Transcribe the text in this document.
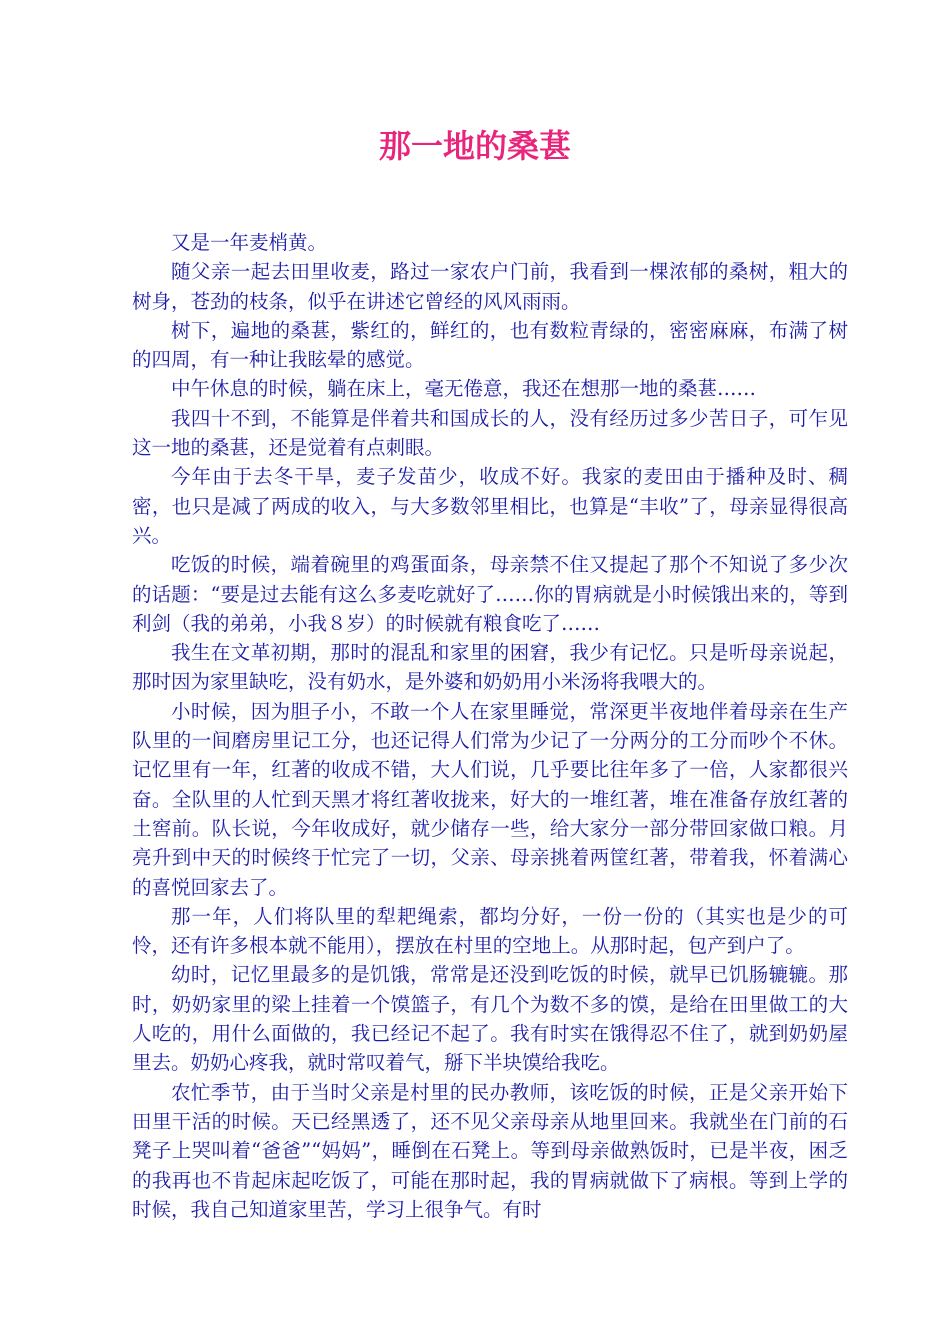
那一地的桑葚

又是一年麦梢黄。

随父亲一起去田里收麦，路过一家农户门前，我看到一棵浓郁的桑树，粗大的树身，苍劲的枝条，似乎在讲述它曾经的风风雨雨。

树下，遍地的桑葚，紫红的，鲜红的，也有数粒青绿的，密密麻麻，布满了树的四周，有一种让我眩晕的感觉。

中午休息的时候，躺在床上，毫无倦意，我还在想那一地的桑葚……

我四十不到，不能算是伴着共和国成长的人，没有经历过多少苦日子，可乍见这一地的桑葚，还是觉着有点刺眼。

今年由于去冬干旱，麦子发苗少，收成不好。我家的麦田由于播种及时、稠密，也只是减了两成的收入，与大多数邻里相比，也算是“丰收”了，母亲显得很高兴。

吃饭的时候，端着碗里的鸡蛋面条，母亲禁不住又提起了那个不知说了多少次的话题：“要是过去能有这么多麦吃就好了……你的胃病就是小时候饿出来的，等到利剑（我的弟弟，小我８岁）的时候就有粮食吃了……

我生在文革初期，那时的混乱和家里的困窘，我少有记忆。只是听母亲说起，那时因为家里缺吃，没有奶水，是外婆和奶奶用小米汤将我喂大的。

小时候，因为胆子小，不敢一个人在家里睡觉，常深更半夜地伴着母亲在生产队里的一间磨房里记工分，也还记得人们常为少记了一分两分的工分而吵个不休。记忆里有一年，红著的收成不错，大人们说，几乎要比往年多了一倍，人家都很兴奋。全队里的人忙到天黑才将红著收拢来，好大的一堆红著，堆在准备存放红著的土窖前。队长说，今年收成好，就少储存一些，给大家分一部分带回家做口粮。月亮升到中天的时候终于忙完了一切，父亲、母亲挑着两筐红著，带着我，怀着满心的喜悦回家去了。

那一年，人们将队里的犁耙绳索，都均分好，一份一份的（其实也是少的可怜，还有许多根本就不能用），摆放在村里的空地上。从那时起，包产到户了。

幼时，记忆里最多的是饥饿，常常是还没到吃饭的时候，就早已饥肠辘辘。那时，奶奶家里的梁上挂着一个馍篮子，有几个为数不多的馍，是给在田里做工的大人吃的，用什么面做的，我已经记不起了。我有时实在饿得忍不住了，就到奶奶屋里去。奶奶心疼我，就时常叹着气，掰下半块馍给我吃。

农忙季节，由于当时父亲是村里的民办教师，该吃饭的时候，正是父亲开始下田里干活的时候。天已经黑透了，还不见父亲母亲从地里回来。我就坐在门前的石凳子上哭叫着“爸爸”“妈妈”，睡倒在石凳上。等到母亲做熟饭时，已是半夜，困乏的我再也不肯起床起吃饭了，可能在那时起，我的胃病就做下了病根。等到上学的时候，我自己知道家里苦，学习上很争气。有时
